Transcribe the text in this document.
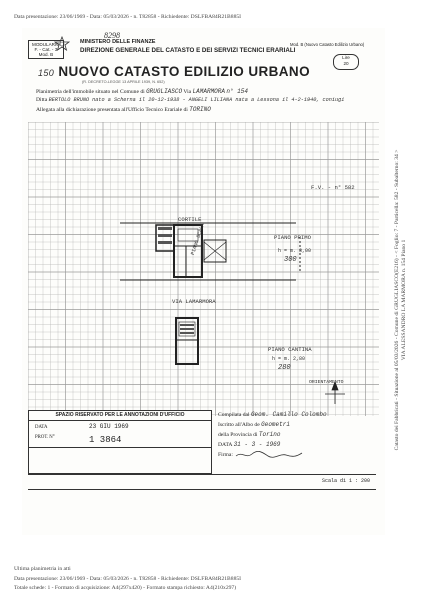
Data presentazione: 23/06/1969 - Data: 05/03/2026 - n. T82858 - Richiedente: DSLFBA84R21B885I
MODULARIO
F. - Cat. - 3
Mod. B
8298
MINISTERO DELLE FINANZE
DIREZIONE GENERALE DEL CATASTO E DEI SERVIZI TECNICI ERARIALI
Mod. B (Nuovo Catasto Edilizio Urbano)
Lire
20
150 NUOVO CATASTO EDILIZIO URBANO
(R. DECRETO-LEGGE 13 APRILE 1939, N. 652)
Planimetria dell'immobile situato nel Comune di GRUGLIASCO Via LAMARMORA n° 154
Ditta BERTOLO BRUNO nato a Scherna il 20-12-1938 - ANGELI LILIANA nata a Lessona il 4-2-1940, coniugi
Allegata alla dichiarazione presentata all'Ufficio Tecnico Erariale di TORINO
F.V. - n° 582
CORTILE
PIANO PRIMO
h = m. 3,00
300
PIANO SCALA
VIA LAMARMORA
PIANO CANTINA
h = m. 2,80
280
ORIENTAMENTO
SPAZIO RISERVATO PER LE ANNOTAZIONI D'UFFICIO
DATA
PROT. N°
23 GIU 1969
1 3864
Compilata dal Geom. Camillo Colombo
Iscritto all'Albo de Geometri
della Provincia di Torino
DATA 31 - 3 - 1969
Firma:
Scala di 1 : 200
Catasto dei Fabbricati - Situazione al 05/03/2026 - Comune di GRUGLIASCO(E216) - < Foglio: 7 - Particella: 582 - Subalterno: 34 > VIA ALESSANDRO LA MARMORA n. 154 Piano 1
Ultima planimetria in atti
Data presentazione: 23/06/1969 - Data: 05/03/2026 - n. T82858 - Richiedente: DSLFBA84R21B885I
Totale schede: 1 - Formato di acquisizione: A4(297x420) - Formato stampa richiesto: A4(210x297)
